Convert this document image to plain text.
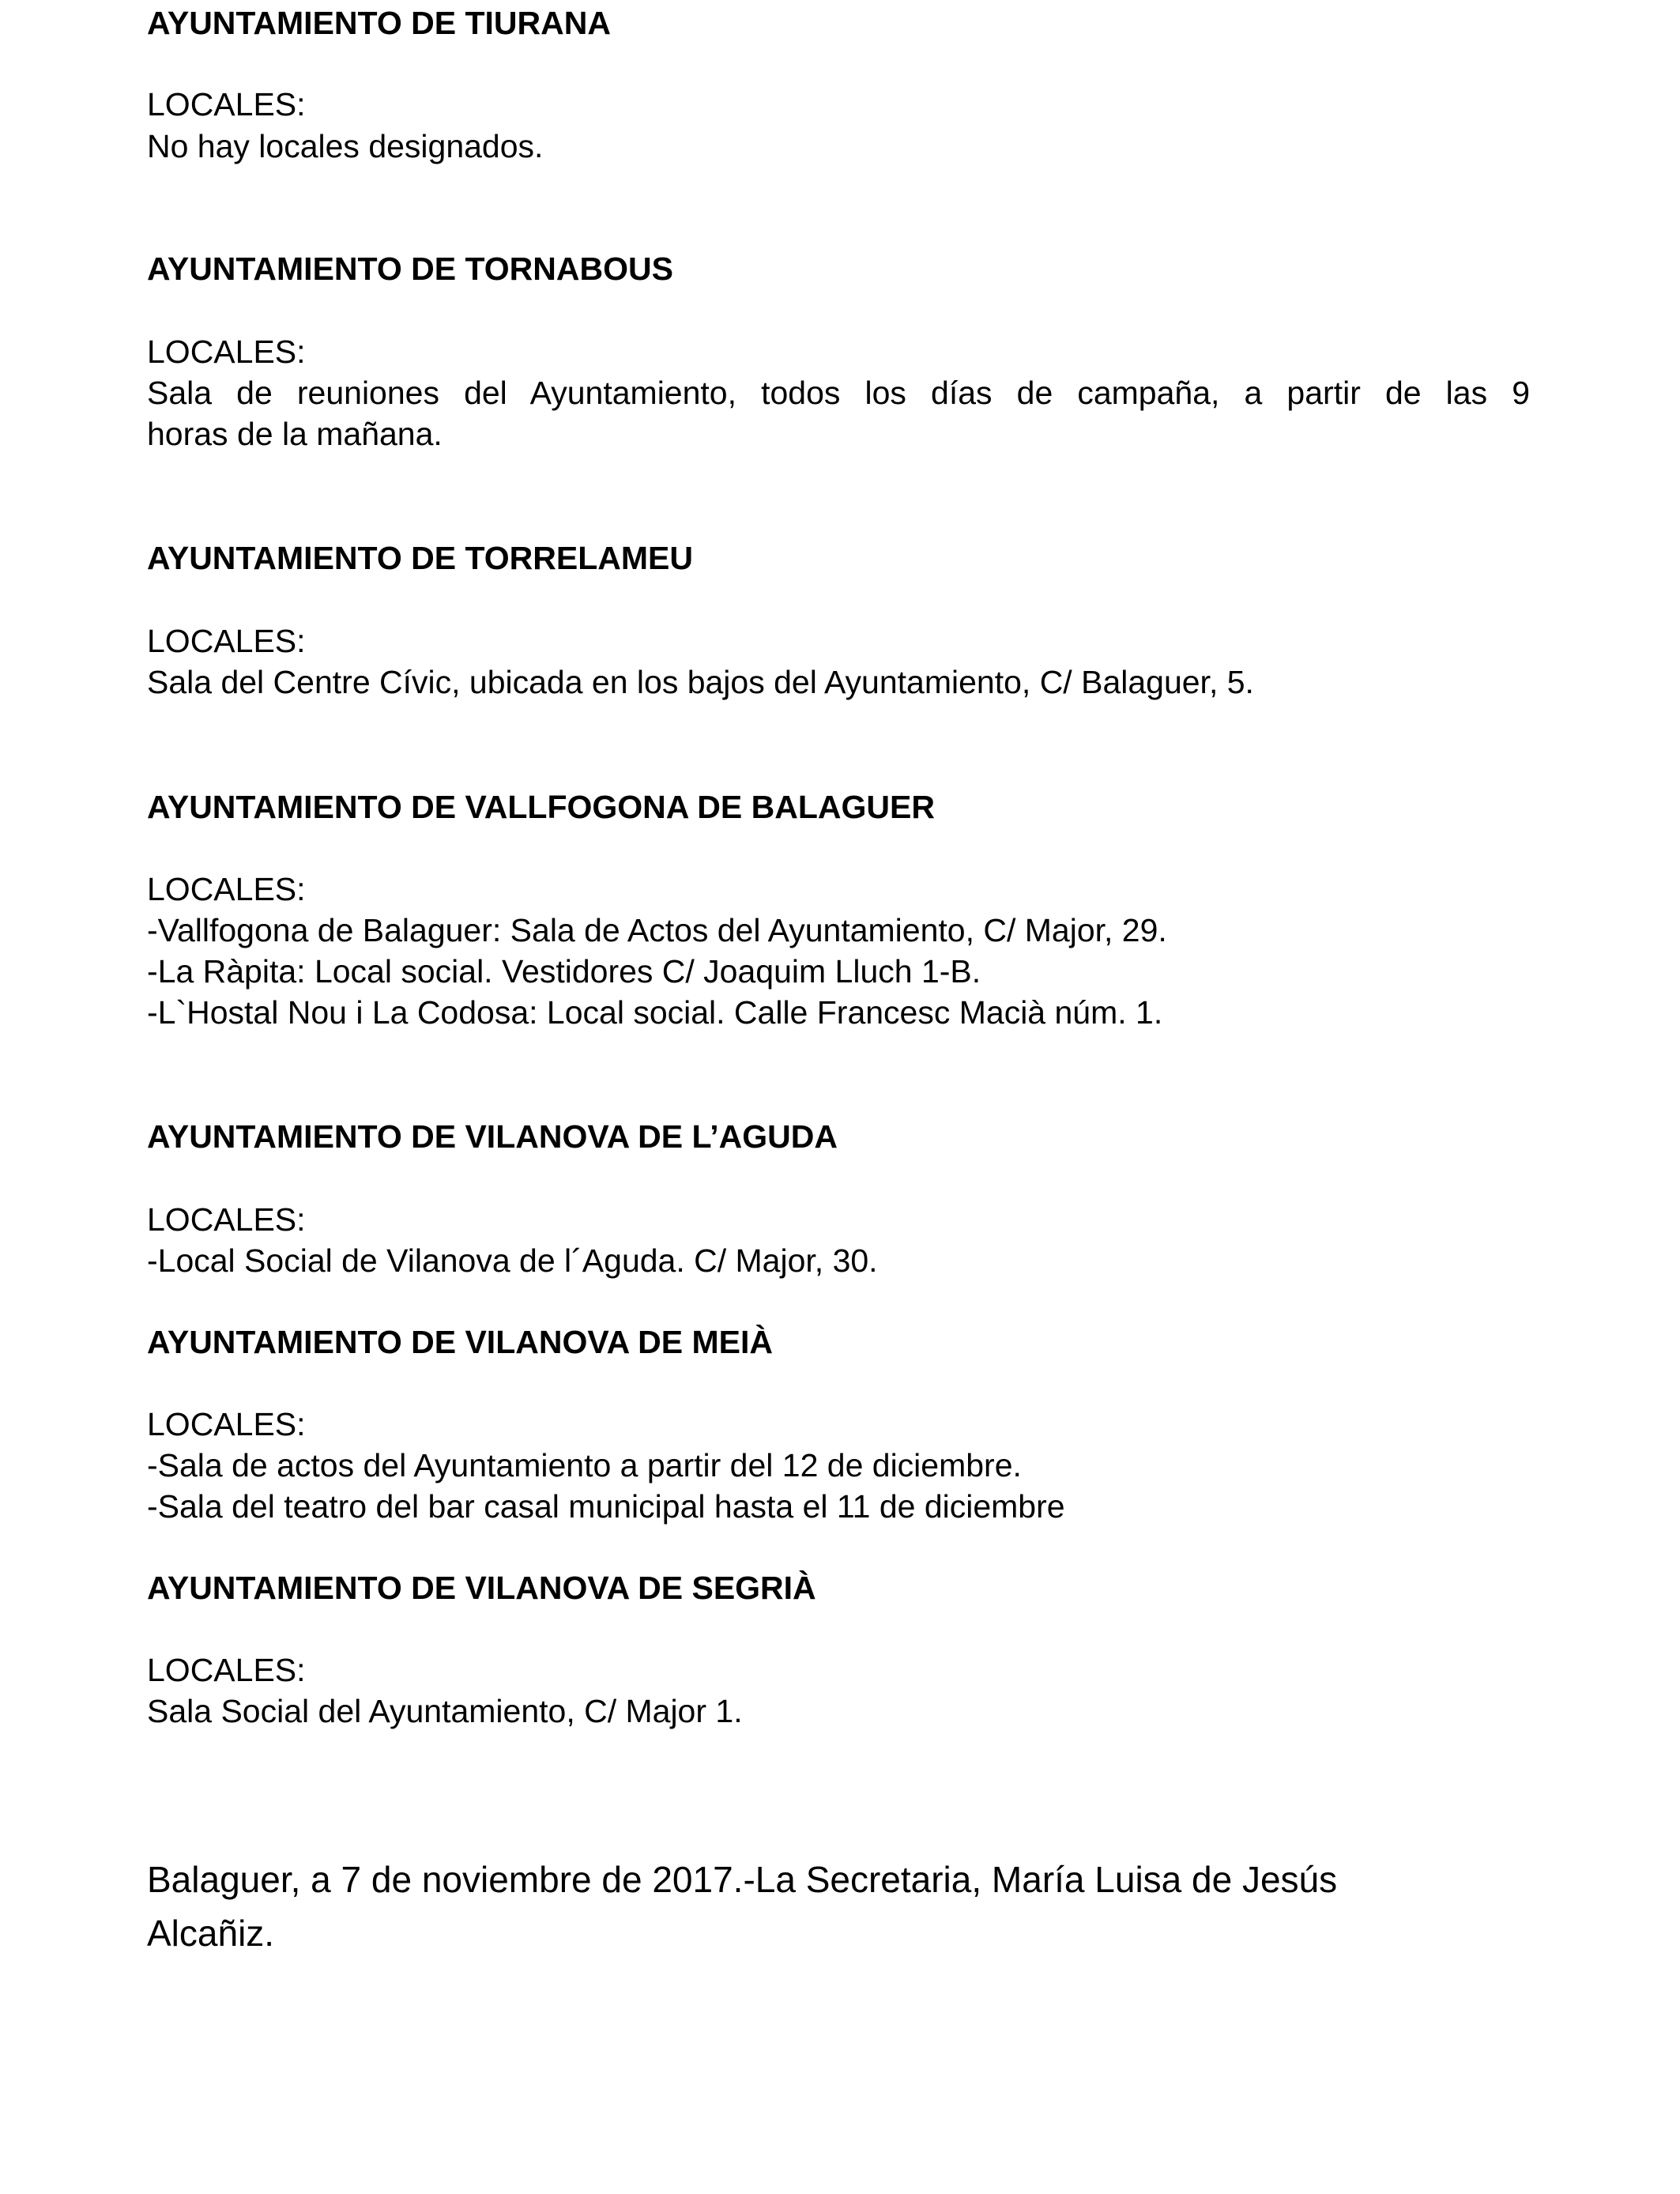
AYUNTAMIENTO DE TIURANA

LOCALES:

No hay locales designados.

AYUNTAMIENTO DE TORNABOUS

LOCALES:

Sala de reuniones del Ayuntamiento, todos los días de campaña, a partir de las 9

horas de la mañana.

AYUNTAMIENTO DE TORRELAMEU

LOCALES:

Sala del Centre Cívic, ubicada en los bajos del Ayuntamiento, C/ Balaguer, 5.

AYUNTAMIENTO DE VALLFOGONA DE BALAGUER

LOCALES:

-Vallfogona de Balaguer: Sala de Actos del Ayuntamiento, C/ Major, 29.

-La Ràpita: Local social. Vestidores C/ Joaquim Lluch 1-B.

-L`Hostal Nou i La Codosa: Local social. Calle Francesc Macià núm. 1.

AYUNTAMIENTO DE VILANOVA DE L’AGUDA

LOCALES:

-Local Social de Vilanova de l´Aguda. C/ Major, 30.

AYUNTAMIENTO DE VILANOVA DE MEIÀ

LOCALES:

-Sala de actos del Ayuntamiento a partir del 12 de diciembre.

-Sala del teatro del bar casal municipal hasta el 11 de diciembre

AYUNTAMIENTO DE VILANOVA DE SEGRIÀ

LOCALES:

Sala Social del Ayuntamiento, C/ Major 1.

Balaguer, a 7 de noviembre de 2017.-La Secretaria, María Luisa de Jesús

Alcañiz.
